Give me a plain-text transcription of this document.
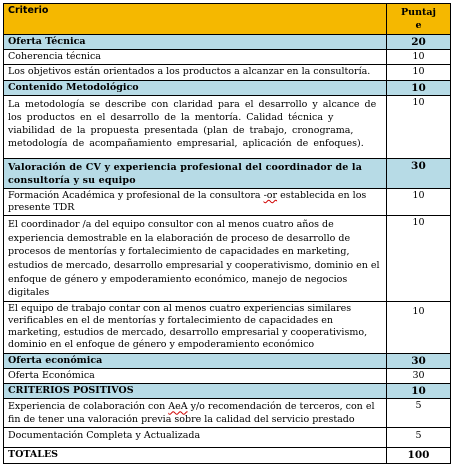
Criterio	Puntaj
e
Oferta Técnica	20
Coherencia técnica	10
Los objetivos están orientados a los productos a alcanzar en la consultoría.	10
Contenido Metodológico	10
La metodología se describe con claridad para el desarrollo y alcance de los productos en el desarrollo de la mentoría. Calidad técnica y viabilidad de la propuesta presentada (plan de trabajo, cronograma, metodología de acompañamiento empresarial, aplicación de enfoques).	10
Valoración de CV y experiencia profesional del coordinador de la
consultoría y su equipo	30
Formación Académica y profesional de la consultora -or establecida en los presente TDR	10
El coordinador /a del equipo consultor con al menos cuatro años de experiencia demostrable en la elaboración de proceso de desarrollo de procesos de mentorías y fortalecimiento de capacidades en marketing, estudios de mercado, desarrollo empresarial y cooperativismo, dominio en el enfoque de género y empoderamiento económico, manejo de negocios digitales	10
El equipo de trabajo contar con al menos cuatro experiencias similares verificables en el de mentorías y fortalecimiento de capacidades en marketing, estudios de mercado, desarrollo empresarial y cooperativismo, dominio en el enfoque de género y empoderamiento económico	10
Oferta económica	30
Oferta Económica	30
CRITERIOS POSITIVOS	10
Experiencia de colaboración con AeA y/o recomendación de terceros, con el fin de tener una valoración previa sobre la calidad del servicio prestado	5
Documentación Completa y Actualizada	5
TOTALES	100
